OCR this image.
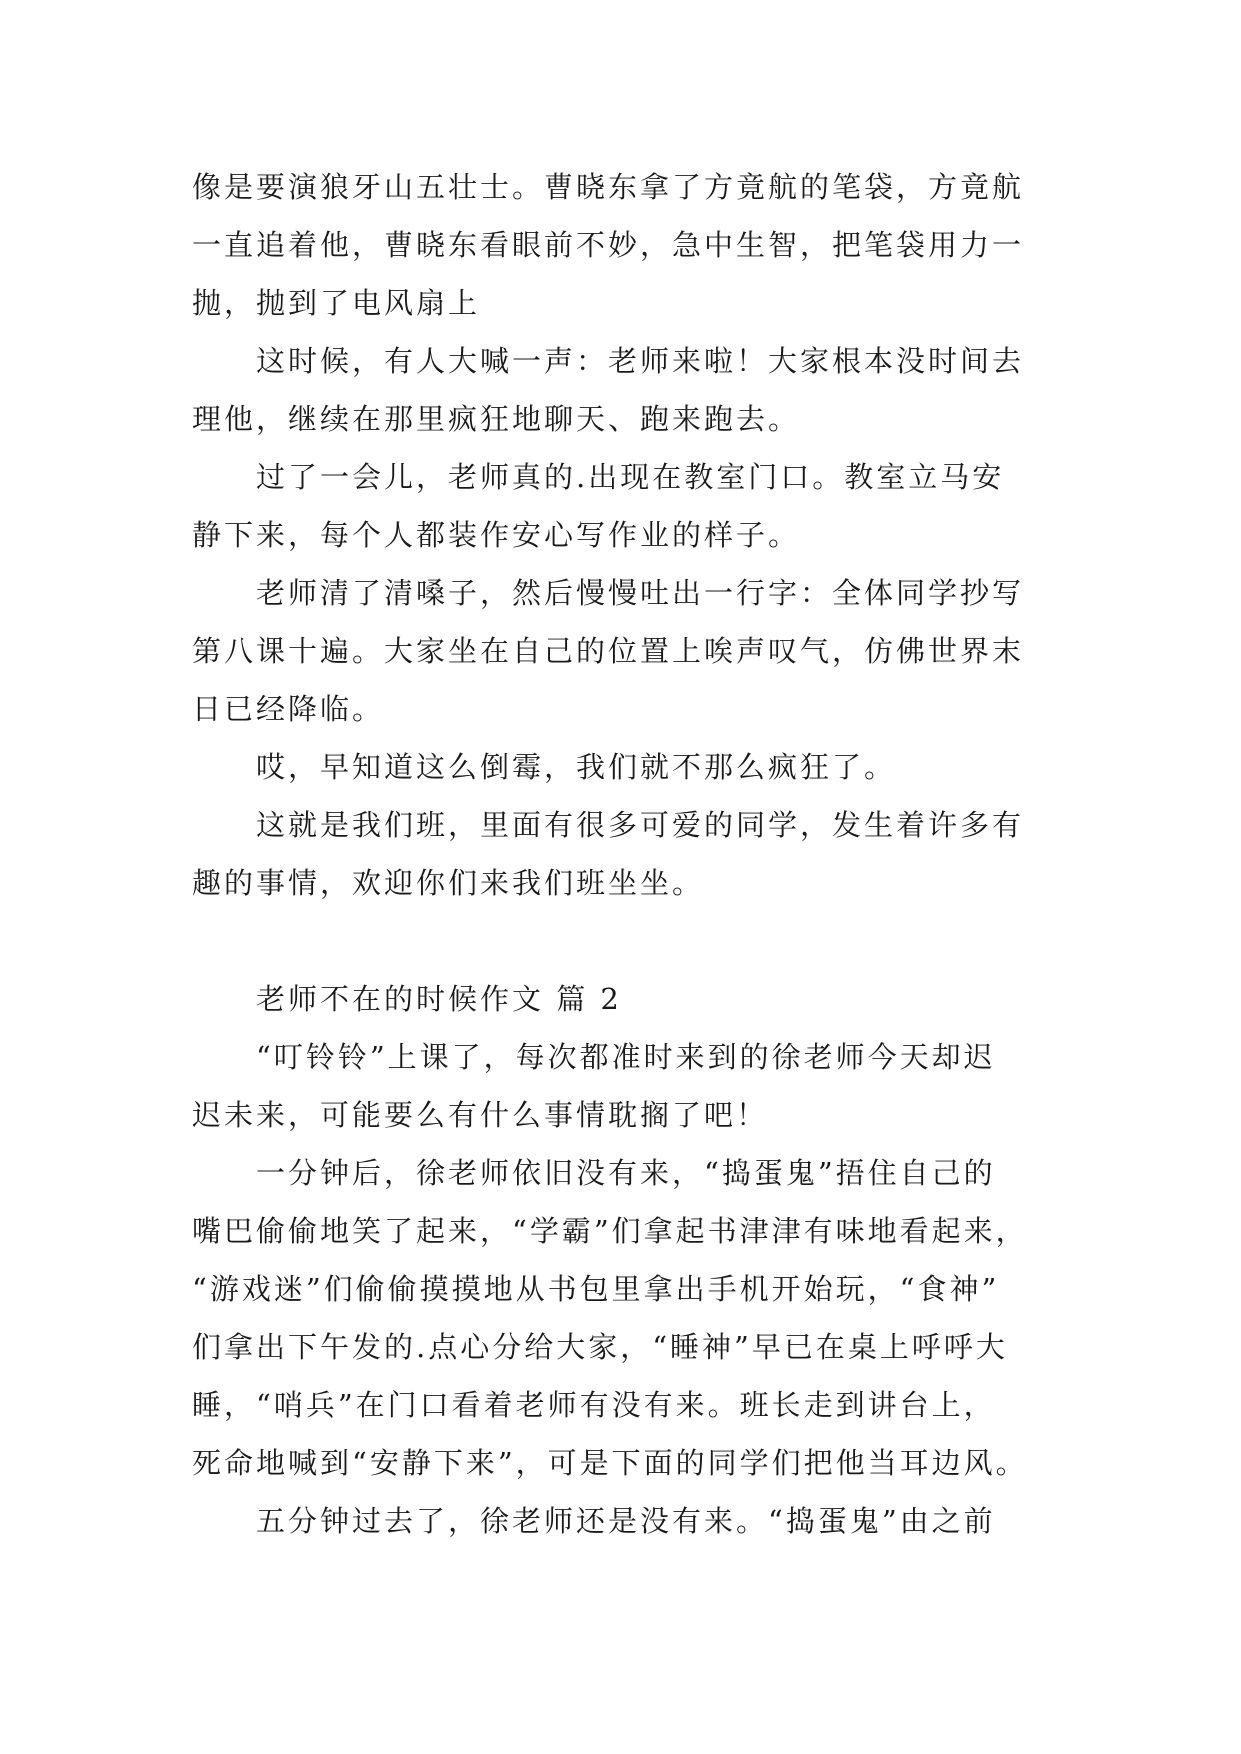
像是要演狼牙山五壮士。曹晓东拿了方竟航的笔袋，方竟航
一直追着他，曹晓东看眼前不妙，急中生智，把笔袋用力一
抛，抛到了电风扇上
这时候，有人大喊一声：老师来啦！大家根本没时间去
理他，继续在那里疯狂地聊天、跑来跑去。
过了一会儿，老师真的.出现在教室门口。教室立马安
静下来，每个人都装作安心写作业的样子。
老师清了清嗓子，然后慢慢吐出一行字：全体同学抄写
第八课十遍。大家坐在自己的位置上唉声叹气，仿佛世界末
日已经降临。
哎，早知道这么倒霉，我们就不那么疯狂了。
这就是我们班，里面有很多可爱的同学，发生着许多有
趣的事情，欢迎你们来我们班坐坐。
老师不在的时候作文 篇 2
“叮铃铃”上课了，每次都准时来到的徐老师今天却迟
迟未来，可能要么有什么事情耽搁了吧！
一分钟后，徐老师依旧没有来，“捣蛋鬼”捂住自己的
嘴巴偷偷地笑了起来，“学霸”们拿起书津津有味地看起来，
“游戏迷”们偷偷摸摸地从书包里拿出手机开始玩，“食神”
们拿出下午发的.点心分给大家，“睡神”早已在桌上呼呼大
睡，“哨兵”在门口看着老师有没有来。班长走到讲台上，
死命地喊到“安静下来”，可是下面的同学们把他当耳边风。
五分钟过去了，徐老师还是没有来。“捣蛋鬼”由之前
